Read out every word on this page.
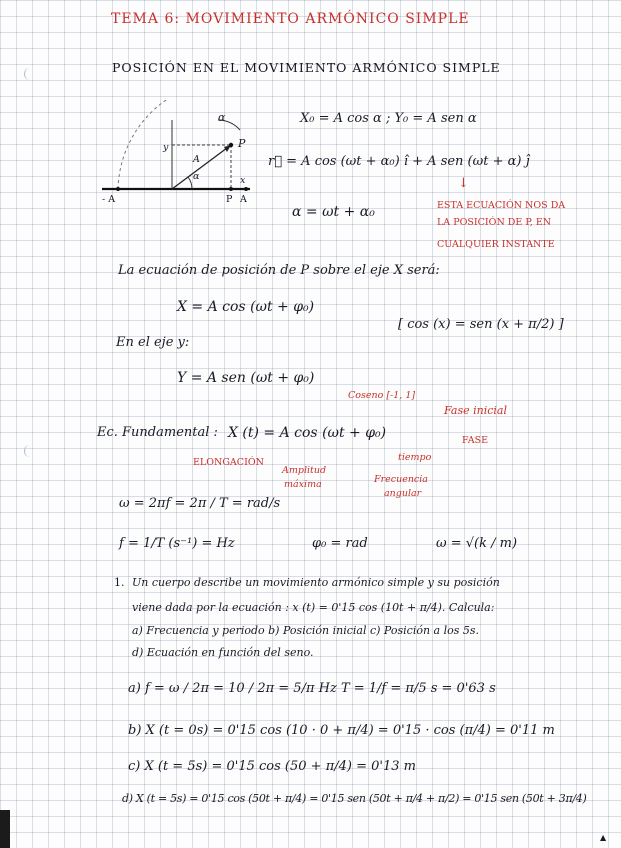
TEMA 6: MOVIMIENTO ARMÓNICO SIMPLE
POSICIÓN EN EL MOVIMIENTO ARMÓNICO SIMPLE
α
P
y
A
α	x
- A	P A
X₀ = A cos α ; Y₀ = A sen α
r⃗ = A cos (ωt + α₀) î + A sen (ωt + α) ĵ
↓
α = ωt + α₀	ESTA ECUACIÓN NOS DA
LA POSICIÓN DE P, EN
CUALQUIER INSTANTE
La ecuación de posición de P sobre el eje X será:
X = A cos (ωt + φ₀)
[ cos (x) = sen (x + π/2) ]
En el eje y:
Y = A sen (ωt + φ₀)
Coseno [-1, 1]
Fase inicial
Ec. Fundamental : X (t) = A cos (ωt + φ₀)	FASE
tiempo
ELONGACIÓN
Amplitud
máxima	Frecuencia
angular
ω = 2πf = 2π / T = rad/s
f = 1/T (s⁻¹) = Hz	φ₀ = rad	ω = √(k / m)
1. Un cuerpo describe un movimiento armónico simple y su posición
viene dada por la ecuación : x (t) = 0'15 cos (10t + π/4). Calcula:
a) Frecuencia y periodo b) Posición inicial c) Posición a los 5s.
d) Ecuación en función del seno.
a) f = ω / 2π = 10 / 2π = 5/π Hz T = 1/f = π/5 s = 0'63 s
b) X (t = 0s) = 0'15 cos (10 · 0 + π/4) = 0'15 · cos (π/4) = 0'11 m
c) X (t = 5s) = 0'15 cos (50 + π/4) = 0'13 m
d) X (t = 5s) = 0'15 cos (50t + π/4) = 0'15 sen (50t + π/4 + π/2) = 0'15 sen (50t + 3π/4)
▲
